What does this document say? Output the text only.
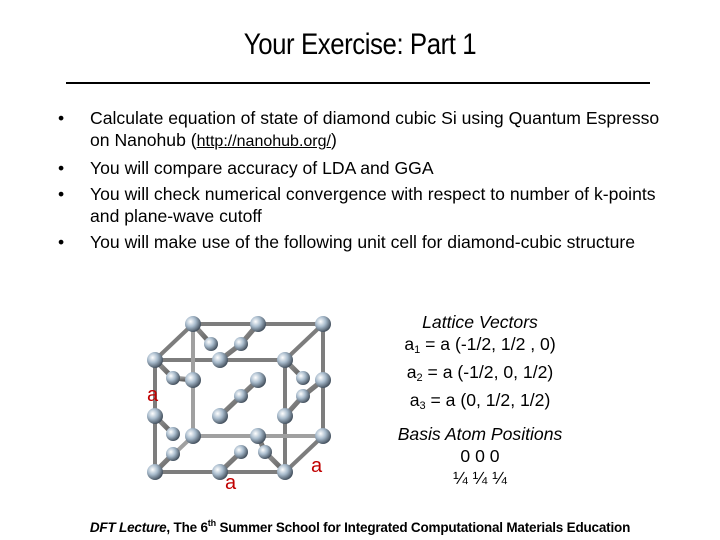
Your Exercise: Part 1
• Calculate equation of state of diamond cubic Si using Quantum Espresso on Nanohub (http://nanohub.org/)
• You will compare accuracy of LDA and GGA
• You will check numerical convergence with respect to number of k-points and plane-wave cutoff
• You will make use of the following unit cell for diamond-cubic structure
a
a
a
Lattice Vectors
$a_1 = a$ (-1/2, 1/2 , 0)
$a_2 = a$ (-1/2, 0, 1/2)
$a_3 = a$ (0, 1/2, 1/2)
Basis Atom Positions
0 0 0
¼ ¼ ¼
DFT Lecture, The 6th Summer School for Integrated Computational Materials Education
